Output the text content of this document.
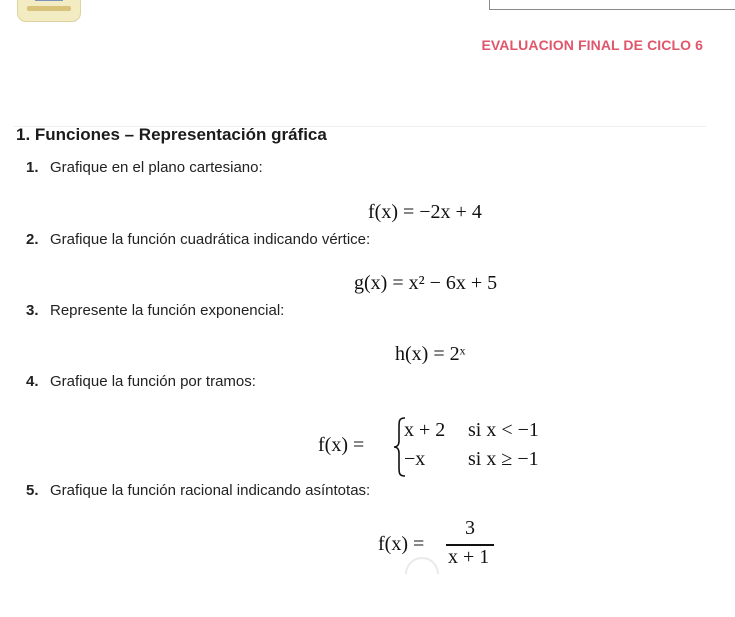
EVALUACION FINAL DE CICLO 6
1. Funciones – Representación gráfica
1. Grafique en el plano cartesiano:
f(x) = −2x + 4
2. Grafique la función cuadrática indicando vértice:
g(x) = x² − 6x + 5
3. Represente la función exponencial:
h(x) = 2ˣ
4. Grafique la función por tramos:
f(x) =
x + 2 si x < −1
−x si x ≥ −1
5. Grafique la función racional indicando asíntotas:
f(x) =
3
x + 1
